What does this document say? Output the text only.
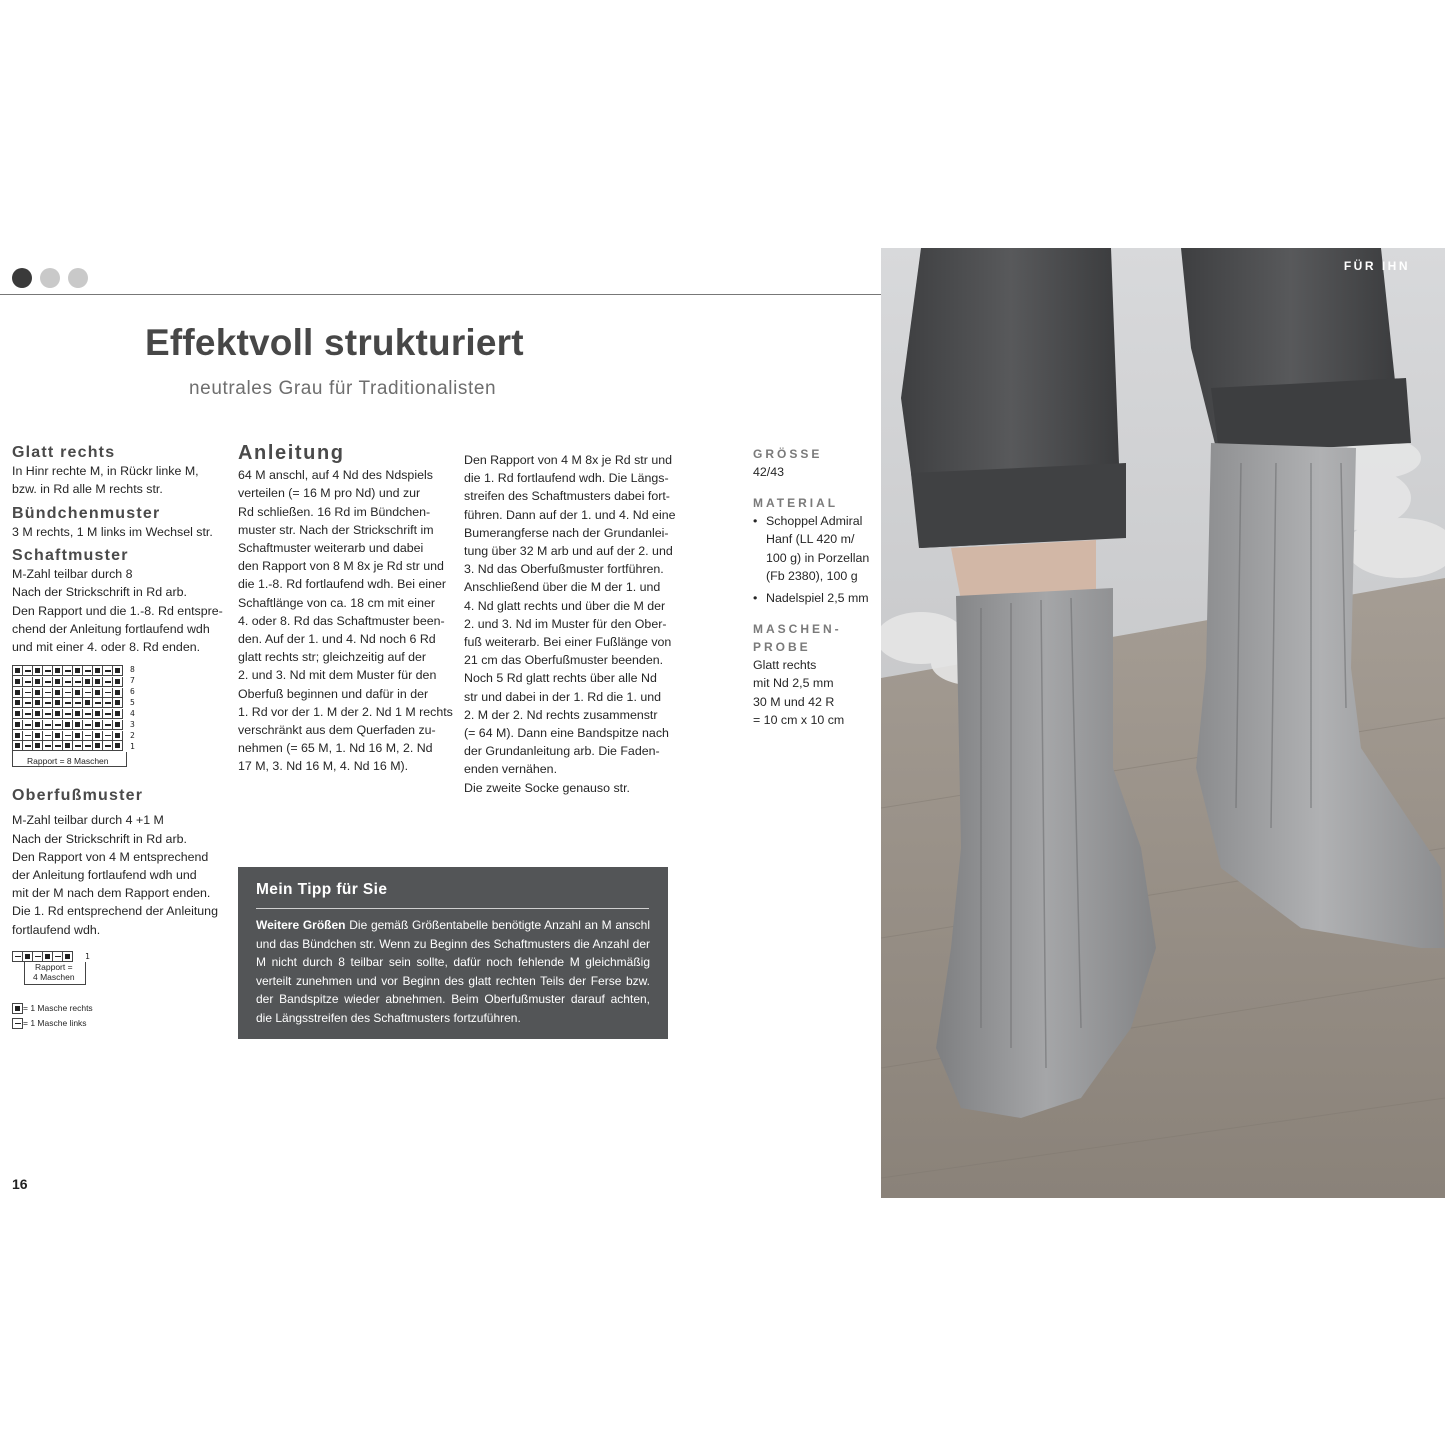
Effektvoll strukturiert
neutrales Grau für Traditionalisten
Glatt rechts

In Hinr rechte M, in Rückr linke M,

bzw. in Rd alle M rechts str.

Bündchenmuster

3 M rechts, 1 M links im Wechsel str.

Schaftmuster

M-Zahl teilbar durch 8

Nach der Strickschrift in Rd arb.

Den Rapport und die 1.-8. Rd entspre-

chend der Anleitung fortlaufend wdh

und mit einer 4. oder 8. Rd enden.

8
7
6
5
4
3
2
1
Rapport = 8 Maschen
Oberfußmuster

M-Zahl teilbar durch 4 +1 M

Nach der Strickschrift in Rd arb.

Den Rapport von 4 M entsprechend

der Anleitung fortlaufend wdh und

mit der M nach dem Rapport enden.

Die 1. Rd entsprechend der Anleitung

fortlaufend wdh.

1
Rapport =
4 Maschen
= 1 Masche rechts
= 1 Masche links
Anleitung

64 M anschl, auf 4 Nd des Ndspiels

verteilen (= 16 M pro Nd) und zur

Rd schließen. 16 Rd im Bündchen-

muster str. Nach der Strickschrift im

Schaftmuster weiterarb und dabei

den Rapport von 8 M 8x je Rd str und

die 1.-8. Rd fortlaufend wdh. Bei einer

Schaftlänge von ca. 18 cm mit einer

4. oder 8. Rd das Schaftmuster been-

den. Auf der 1. und 4. Nd noch 6 Rd

glatt rechts str; gleichzeitig auf der

2. und 3. Nd mit dem Muster für den

Oberfuß beginnen und dafür in der

1. Rd vor der 1. M der 2. Nd 1 M rechts

verschränkt aus dem Querfaden zu-

nehmen (= 65 M, 1. Nd 16 M, 2. Nd

17 M, 3. Nd 16 M, 4. Nd 16 M).

Den Rapport von 4 M 8x je Rd str und

die 1. Rd fortlaufend wdh. Die Längs-

streifen des Schaftmusters dabei fort-

führen. Dann auf der 1. und 4. Nd eine

Bumerangferse nach der Grundanlei-

tung über 32 M arb und auf der 2. und

3. Nd das Oberfußmuster fortführen.

Anschließend über die M der 1. und

4. Nd glatt rechts und über die M der

2. und 3. Nd im Muster für den Ober-

fuß weiterarb. Bei einer Fußlänge von

21 cm das Oberfußmuster beenden.

Noch 5 Rd glatt rechts über alle Nd

str und dabei in der 1. Rd die 1. und

2. M der 2. Nd rechts zusammenstr

(= 64 M). Dann eine Bandspitze nach

der Grundanleitung arb. Die Faden-

enden vernähen.

Die zweite Socke genauso str.

GRÖSSE

42/43

MATERIAL
• Schoppel Admiral

Hanf (LL 420 m/

100 g) in Porzellan

(Fb 2380), 100 g

• Nadelspiel 2,5 mm

MASCHEN-
PROBE

Glatt rechts

mit Nd 2,5 mm

30 M und 42 R

= 10 cm x 10 cm

Mein Tipp für Sie
Weitere Größen Die gemäß Größentabelle benötigte Anzahl an M anschl und das Bündchen str. Wenn zu Beginn des Schaftmusters die Anzahl der M nicht durch 8 teilbar sein sollte, dafür noch fehlende M gleichmäßig verteilt zunehmen und vor Beginn des glatt rechten Teils der Ferse bzw. der Bandspitze wieder abnehmen. Beim Oberfußmuster darauf achten, die Längsstreifen des Schaftmusters fortzuführen.
FÜR IHN
16
